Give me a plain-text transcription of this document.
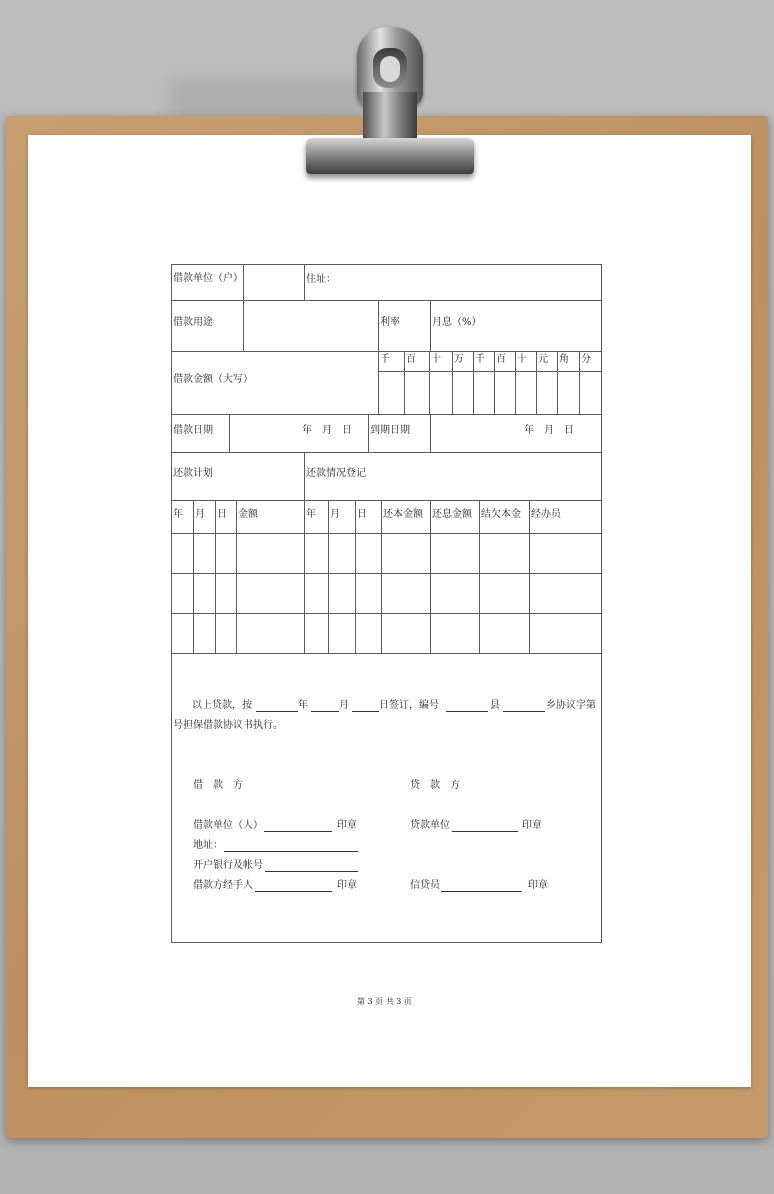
借款单位（户）	住址：
借款用途	利率	月息（%）
借款金额（大写）
千 百 十 万 千 百 十 元 角 分
借款日期	年　月　日 到期日期	年　月　日
还款计划	还款情况登记
年 月 日 金额	年 月 日 还本金额 还息金额 结欠本金 经办员
以上贷款，按	年	月	日签订，编号	县	乡协议字第
号担保借款协议书执行。
借　款　方	贷　款　方
借款单位（人）	印章	贷款单位	印章
地址：
开户银行及帐号
借款方经手人	印章	信贷员	印章
第 3 页 共 3 页
